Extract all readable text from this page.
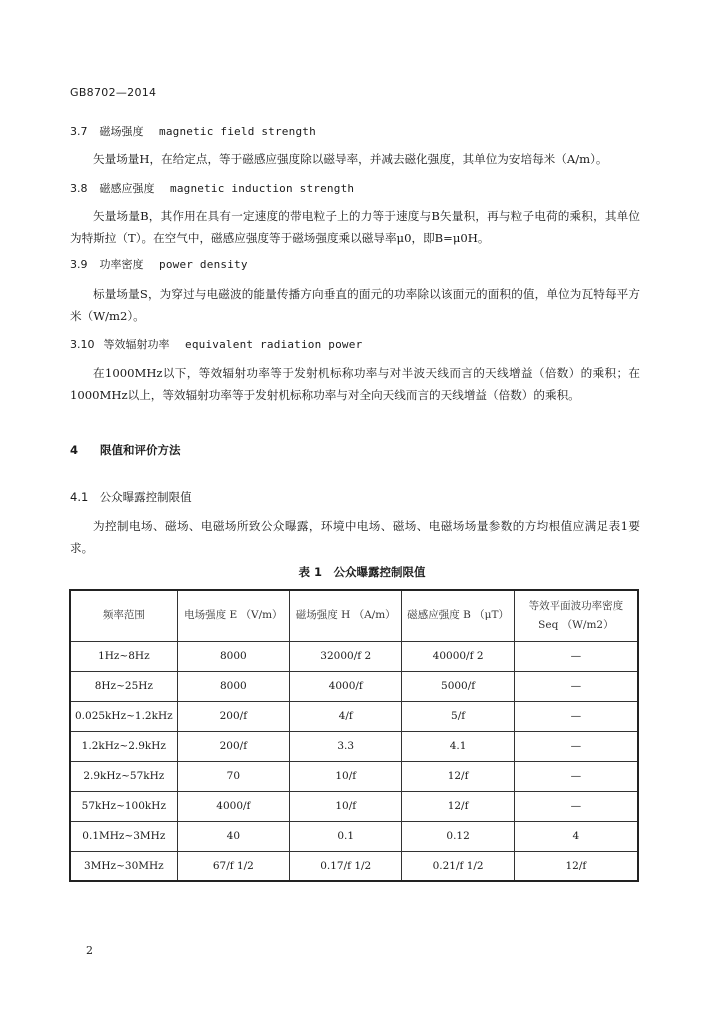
GB8702—2014
3.7 磁场强度 magnetic field strength
矢量场量H，在给定点，等于磁感应强度除以磁导率，并减去磁化强度，其单位为安培每米（A/m）。
3.8 磁感应强度 magnetic induction strength
矢量场量B，其作用在具有一定速度的带电粒子上的力等于速度与B矢量积，再与粒子电荷的乘积，其单位为特斯拉（T）。在空气中，磁感应强度等于磁场强度乘以磁导率μ0，即B=μ0H。
3.9 功率密度 power density
标量场量S，为穿过与电磁波的能量传播方向垂直的面元的功率除以该面元的面积的值，单位为瓦特每平方米（W/m2）。
3.10 等效辐射功率 equivalent radiation power
在1000MHz以下，等效辐射功率等于发射机标称功率与对半波天线而言的天线增益（倍数）的乘积；在1000MHz以上，等效辐射功率等于发射机标称功率与对全向天线而言的天线增益（倍数）的乘积。
4 限值和评价方法
4.1 公众曝露控制限值
为控制电场、磁场、电磁场所致公众曝露，环境中电场、磁场、电磁场场量参数的方均根值应满足表1要求。
表 1　公众曝露控制限值
频率范围	电场强度 E （V/m）	磁场强度 H （A/m）	磁感应强度 B （μT）	等效平面波功率密度 Seq （W/m2）
1Hz~8Hz	8000	32000/f 2	40000/f 2	—
8Hz~25Hz	8000	4000/f	5000/f	—
0.025kHz~1.2kHz	200/f	4/f	5/f	—
1.2kHz~2.9kHz	200/f	3.3	4.1	—
2.9kHz~57kHz	70	10/f	12/f	—
57kHz~100kHz	4000/f	10/f	12/f	—
0.1MHz~3MHz	40	0.1	0.12	4
3MHz~30MHz	67/f 1/2	0.17/f 1/2	0.21/f 1/2	12/f
2
